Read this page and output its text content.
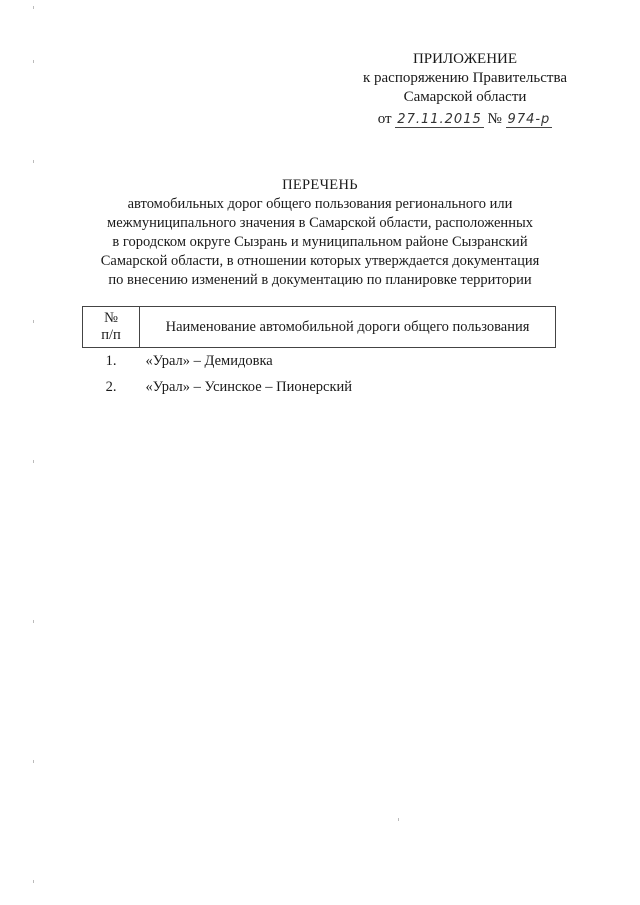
ПРИЛОЖЕНИЕ
к распоряжению Правительства
Самарской области
от 27.11.2015 № 974-р
ПЕРЕЧЕНЬ
автомобильных дорог общего пользования регионального или
межмуниципального значения в Самарской области, расположенных
в городском округе Сызрань и муниципальном районе Сызранский
Самарской области, в отношении которых утверждается документация
по внесению изменений в документацию по планировке территории
№
п/п	Наименование автомобильной дороги общего пользования
1.	«Урал» – Демидовка
2.	«Урал» – Усинское – Пионерский
